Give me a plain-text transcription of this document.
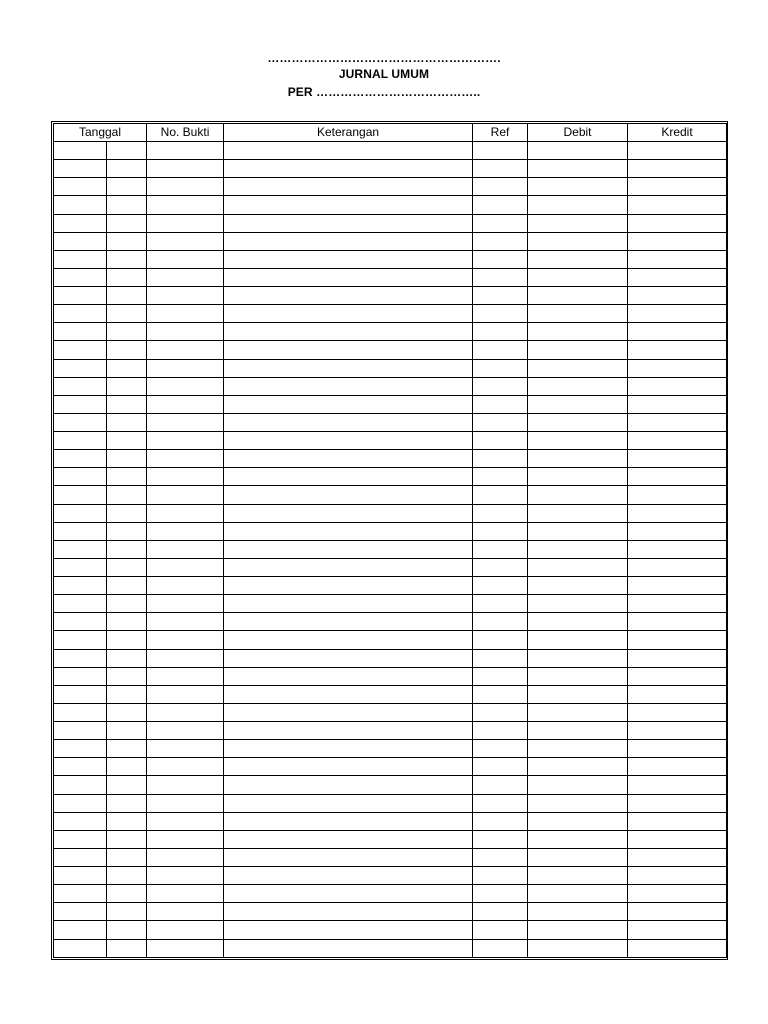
………………………………………………….
JURNAL UMUM
PER …………………………………..
Tanggal		No. Bukti	Keterangan	Ref	Debit	Kredit
